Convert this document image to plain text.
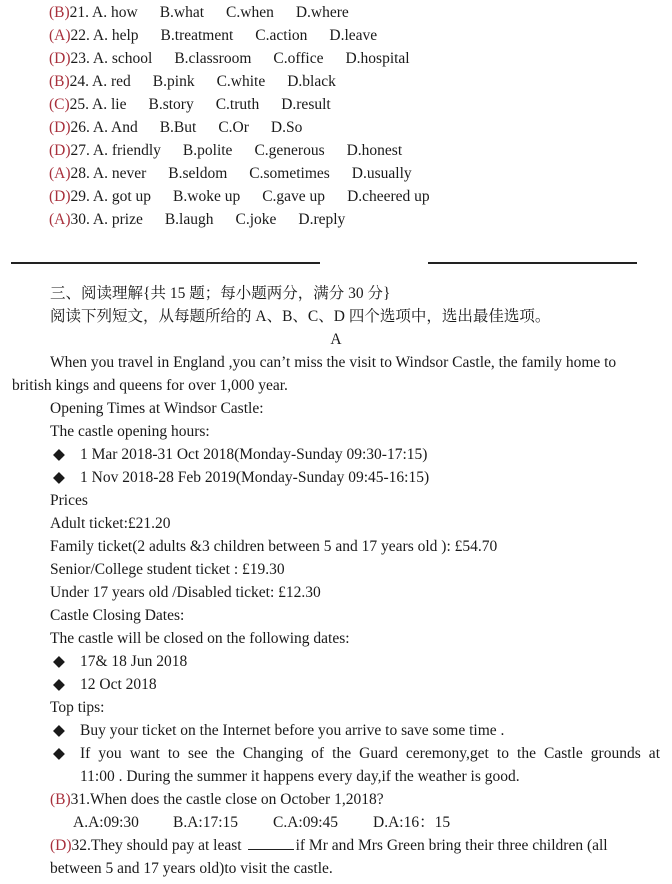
(B)21. A. how B.what C.when D.where
(A)22. A. help B.treatment C.action D.leave
(D)23. A. school B.classroom C.office D.hospital
(B)24. A. red B.pink C.white D.black
(C)25. A. lie B.story C.truth D.result
(D)26. A. And B.But C.Or D.So
(D)27. A. friendly B.polite C.generous D.honest
(A)28. A. never B.seldom C.sometimes D.usually
(D)29. A. got up B.woke up C.gave up D.cheered up
(A)30. A. prize B.laugh C.joke D.reply
三、阅读理解{共 15 题；每小题两分，满分 30 分}
阅读下列短文，从每题所给的 A、B、C、D 四个选项中，选出最佳选项。
A
When you travel in England ,you can’t miss the visit to Windsor Castle, the family home to
british kings and queens for over 1,000 year.
Opening Times at Windsor Castle:
The castle opening hours:
◆ 1 Mar 2018-31 Oct 2018(Monday-Sunday 09:30-17:15)
◆ 1 Nov 2018-28 Feb 2019(Monday-Sunday 09:45-16:15)
Prices
Adult ticket:£21.20
Family ticket(2 adults &3 children between 5 and 17 years old ): £54.70
Senior/College student ticket : £19.30
Under 17 years old /Disabled ticket: £12.30
Castle Closing Dates:
The castle will be closed on the following dates:
◆ 17& 18 Jun 2018
◆ 12 Oct 2018
Top tips:
◆ Buy your ticket on the Internet before you arrive to save some time .
◆ If you want to see the Changing of the Guard ceremony,get to the Castle grounds at
11:00 . During the summer it happens every day,if the weather is good.
(B)31.When does the castle close on October 1,2018?
A.A:09:30 B.A:17:15 C.A:09:45 D.A:16：15
(D)32.They should pay at least	if Mr and Mrs Green bring their three children (all
between 5 and 17 years old)to visit the castle.
